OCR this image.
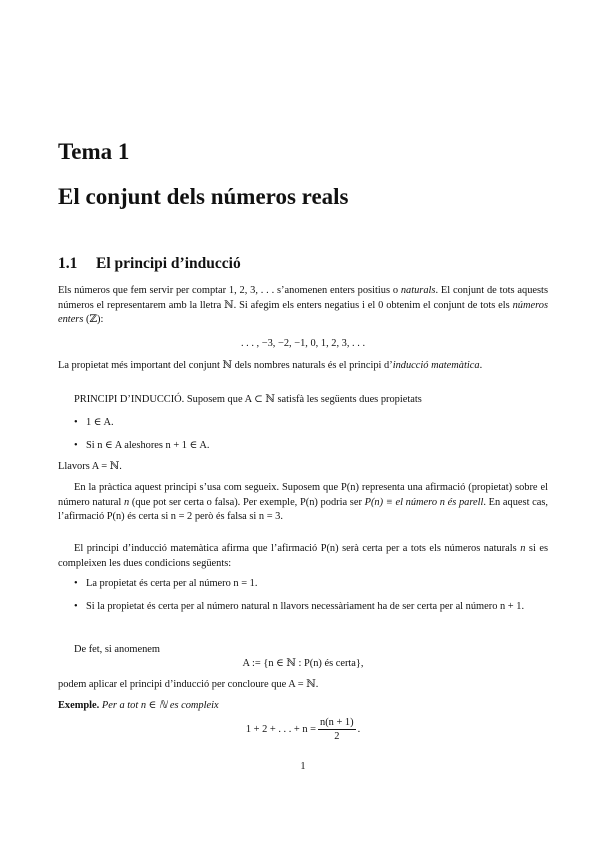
Tema 1
El conjunt dels números reals
1.1 El principi d’inducció

Els números que fem servir per comptar 1, 2, 3, . . . s’anomenen enters positius o naturals. El conjunt de tots aquests números el representarem amb la lletra ℕ. Si afegim els enters negatius i el 0 obtenim el conjunt de tots els números enters (ℤ):

. . . , −3, −2, −1, 0, 1, 2, 3, . . .

La propietat més important del conjunt ℕ dels nombres naturals és el principi d’inducció matemàtica.

PRINCIPI D’INDUCCIÓ. Suposem que A ⊂ ℕ satisfà les següents dues propietats
• 1 ∈ A.
• Si n ∈ A aleshores n + 1 ∈ A.
Llavors A = ℕ.

En la pràctica aquest principi s’usa com segueix. Suposem que P(n) representa una afirmació (propietat) sobre el número natural n (que pot ser certa o falsa). Per exemple, P(n) podria ser P(n) ≡ el número n és parell. En aquest cas, l’afirmació P(n) és certa si n = 2 però és falsa si n = 3.

El principi d’inducció matemàtica afirma que l’afirmació P(n) serà certa per a tots els números naturals n si es compleixen les dues condicions següents:

• La propietat és certa per al número n = 1.
• Si la propietat és certa per al número natural n llavors necessàriament ha de ser certa per al número n + 1.
De fet, si anomenem
A := {n ∈ ℕ : P(n) és certa},
podem aplicar el principi d’inducció per concloure que A = ℕ.
Exemple. Per a tot n ∈ ℕ es compleix
1 + 2 + . . . + $n = \frac{n(n + 1)}{2}$ .
1
